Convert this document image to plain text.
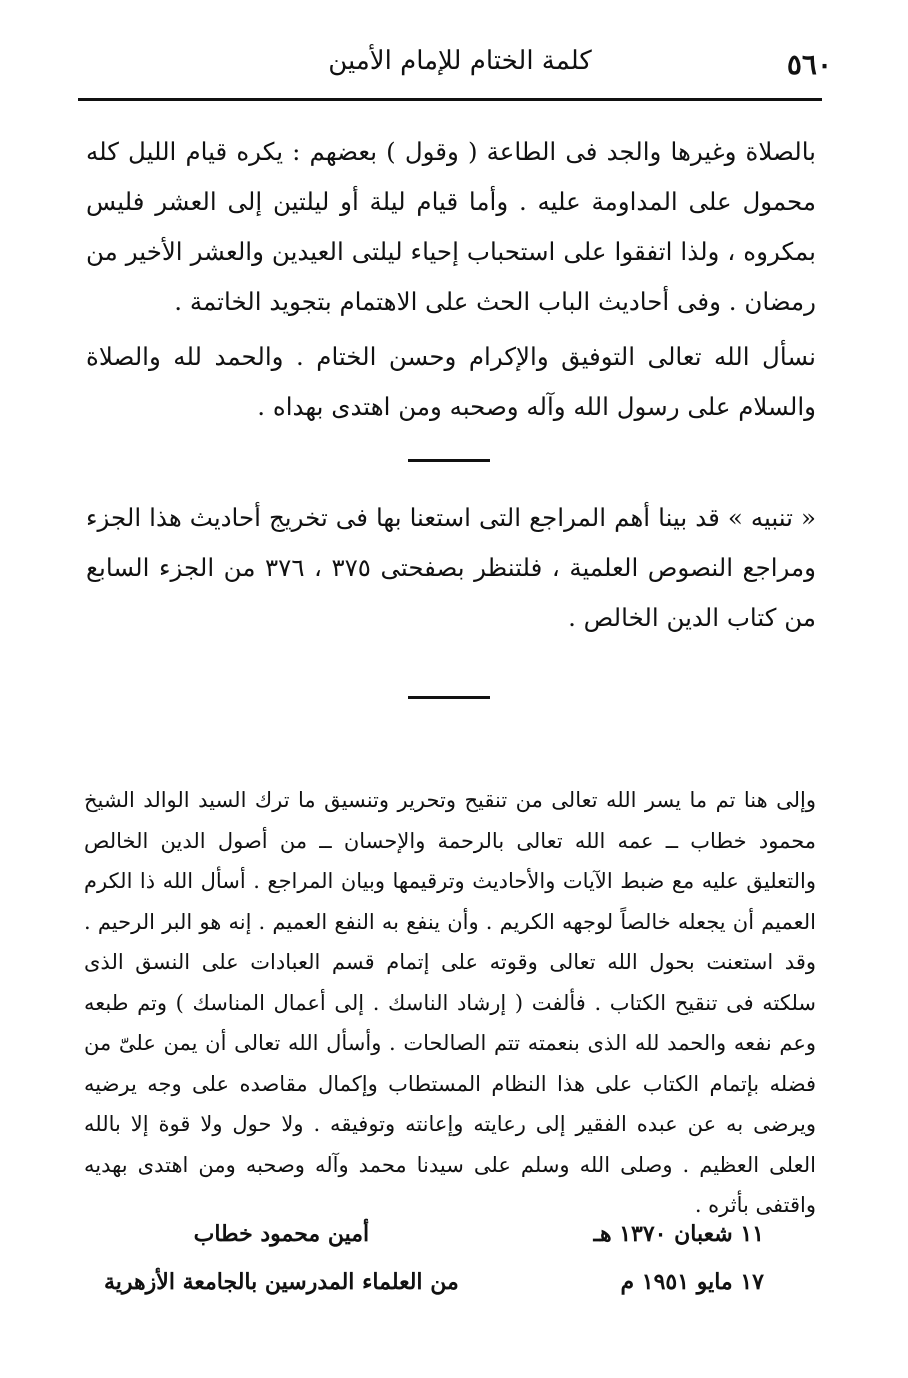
٥٦٠
كلمة الختام للإمام الأمين
بالصلاة وغيرها والجد فى الطاعة ( وقول ) بعضهم : يكره قيام الليل كله محمول على المداومة عليه . وأما قيام ليلة أو ليلتين إلى العشر فليس بمكروه ، ولذا اتفقوا على استحباب إحياء ليلتى العيدين والعشر الأخير من رمضان . وفى أحاديث الباب الحث على الاهتمام بتجويد الخاتمة .
نسأل الله تعالى التوفيق والإكرام وحسن الختام . والحمد لله والصلاة والسلام على رسول الله وآله وصحبه ومن اهتدى بهداه .
« تنبيه » قد بينا أهم المراجع التى استعنا بها فى تخريج أحاديث هذا الجزء ومراجع النصوص العلمية ، فلتنظر بصفحتى ٣٧٥ ، ٣٧٦ من الجزء السابع من كتاب الدين الخالص .
وإلى هنا تم ما يسر الله تعالى من تنقيح وتحرير وتنسيق ما ترك السيد الوالد الشيخ محمود خطاب ــ عمه الله تعالى بالرحمة والإحسان ــ من أصول الدين الخالص والتعليق عليه مع ضبط الآيات والأحاديث وترقيمها وبيان المراجع . أسأل الله ذا الكرم العميم أن يجعله خالصاً لوجهه الكريم . وأن ينفع به النفع العميم . إنه هو البر الرحيم . وقد استعنت بحول الله تعالى وقوته على إتمام قسم العبادات على النسق الذى سلكته فى تنقيح الكتاب . فألفت ( إرشاد الناسك . إلى أعمال المناسك ) وتم طبعه وعم نفعه والحمد لله الذى بنعمته تتم الصالحات . وأسأل الله تعالى أن يمن علىّ من فضله بإتمام الكتاب على هذا النظام المستطاب وإكمال مقاصده على وجه يرضيه ويرضى به عن عبده الفقير إلى رعايته وإعانته وتوفيقه . ولا حول ولا قوة إلا بالله العلى العظيم . وصلى الله وسلم على سيدنا محمد وآله وصحبه ومن اهتدى بهديه واقتفى بأثره .
١١ شعبان ١٣٧٠ هـ
١٧ مايو ١٩٥١ م
أمين محمود خطاب
من العلماء المدرسين بالجامعة الأزهرية
